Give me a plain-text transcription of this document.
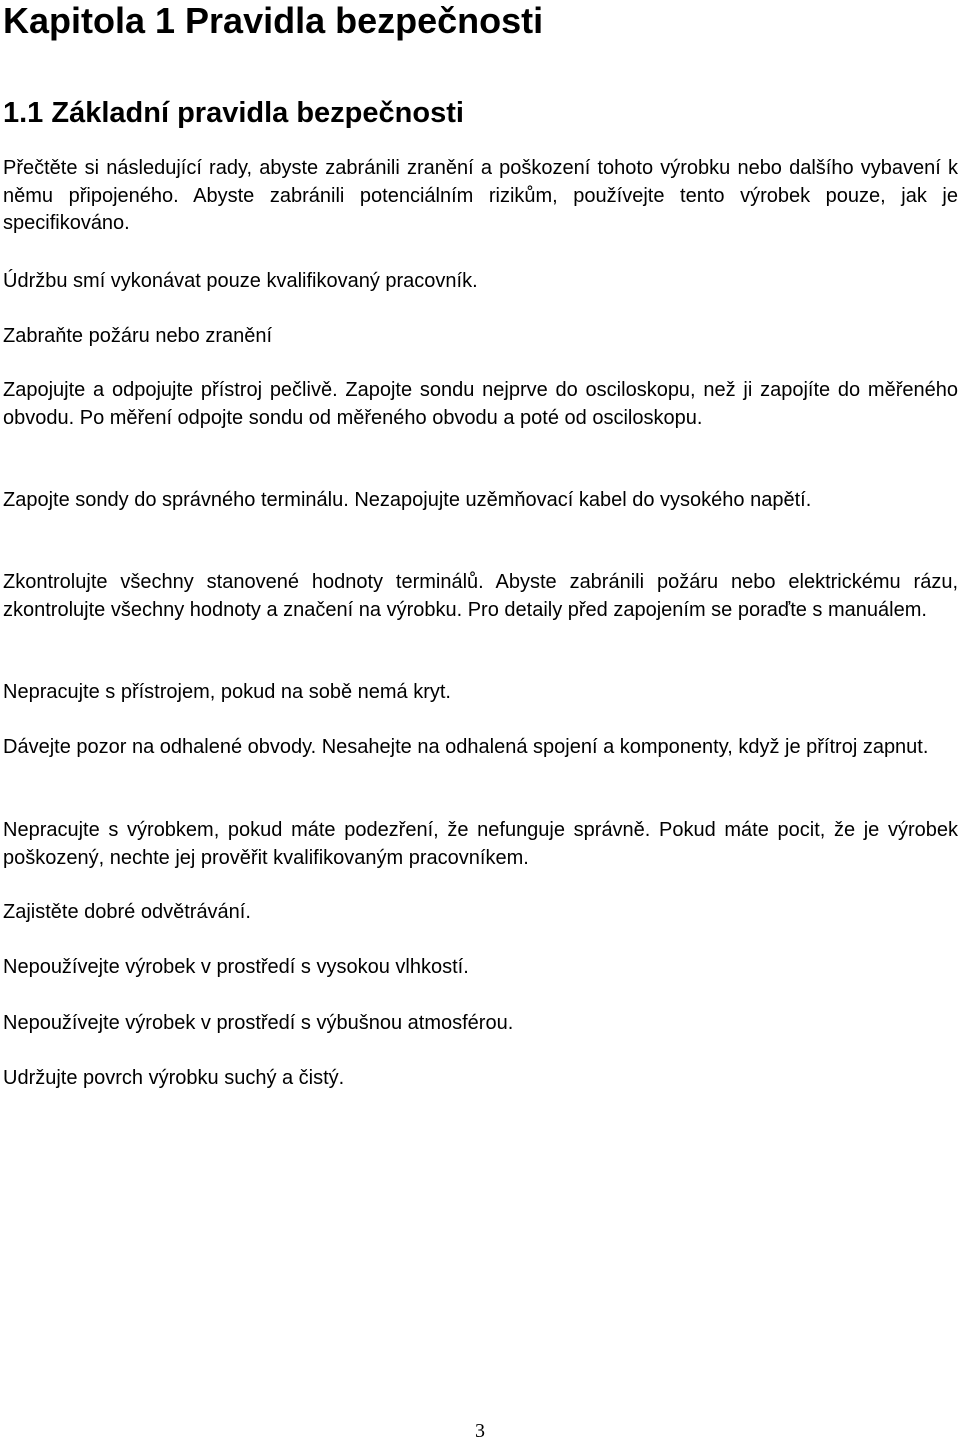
Kapitola 1 Pravidla bezpečnosti
1.1 Základní pravidla bezpečnosti

Přečtěte si následující rady, abyste zabránili zranění a poškození tohoto výrobku nebo dalšího vybavení k němu připojeného. Abyste zabránili potenciálním rizikům, používejte tento výrobek pouze, jak je specifikováno.

Údržbu smí vykonávat pouze kvalifikovaný pracovník.

Zabraňte požáru nebo zranění

Zapojujte a odpojujte přístroj pečlivě. Zapojte sondu nejprve do osciloskopu, než ji zapojíte do měřeného obvodu. Po měření odpojte sondu od měřeného obvodu a poté od osciloskopu.

Zapojte sondy do správného terminálu. Nezapojujte uzěmňovací kabel do vysokého napětí.

Zkontrolujte všechny stanovené hodnoty terminálů. Abyste zabránili požáru nebo elektrickému rázu, zkontrolujte všechny hodnoty a značení na výrobku. Pro detaily před zapojením se poraďte s manuálem.

Nepracujte s přístrojem, pokud na sobě nemá kryt.

Dávejte pozor na odhalené obvody. Nesahejte na odhalená spojení a komponenty, když je přítroj zapnut.

Nepracujte s výrobkem, pokud máte podezření, že nefunguje správně. Pokud máte pocit, že je výrobek poškozený, nechte jej prověřit kvalifikovaným pracovníkem.

Zajistěte dobré odvětrávání.

Nepoužívejte výrobek v prostředí s vysokou vlhkostí.

Nepoužívejte výrobek v prostředí s výbušnou atmosférou.

Udržujte povrch výrobku suchý a čistý.

3
